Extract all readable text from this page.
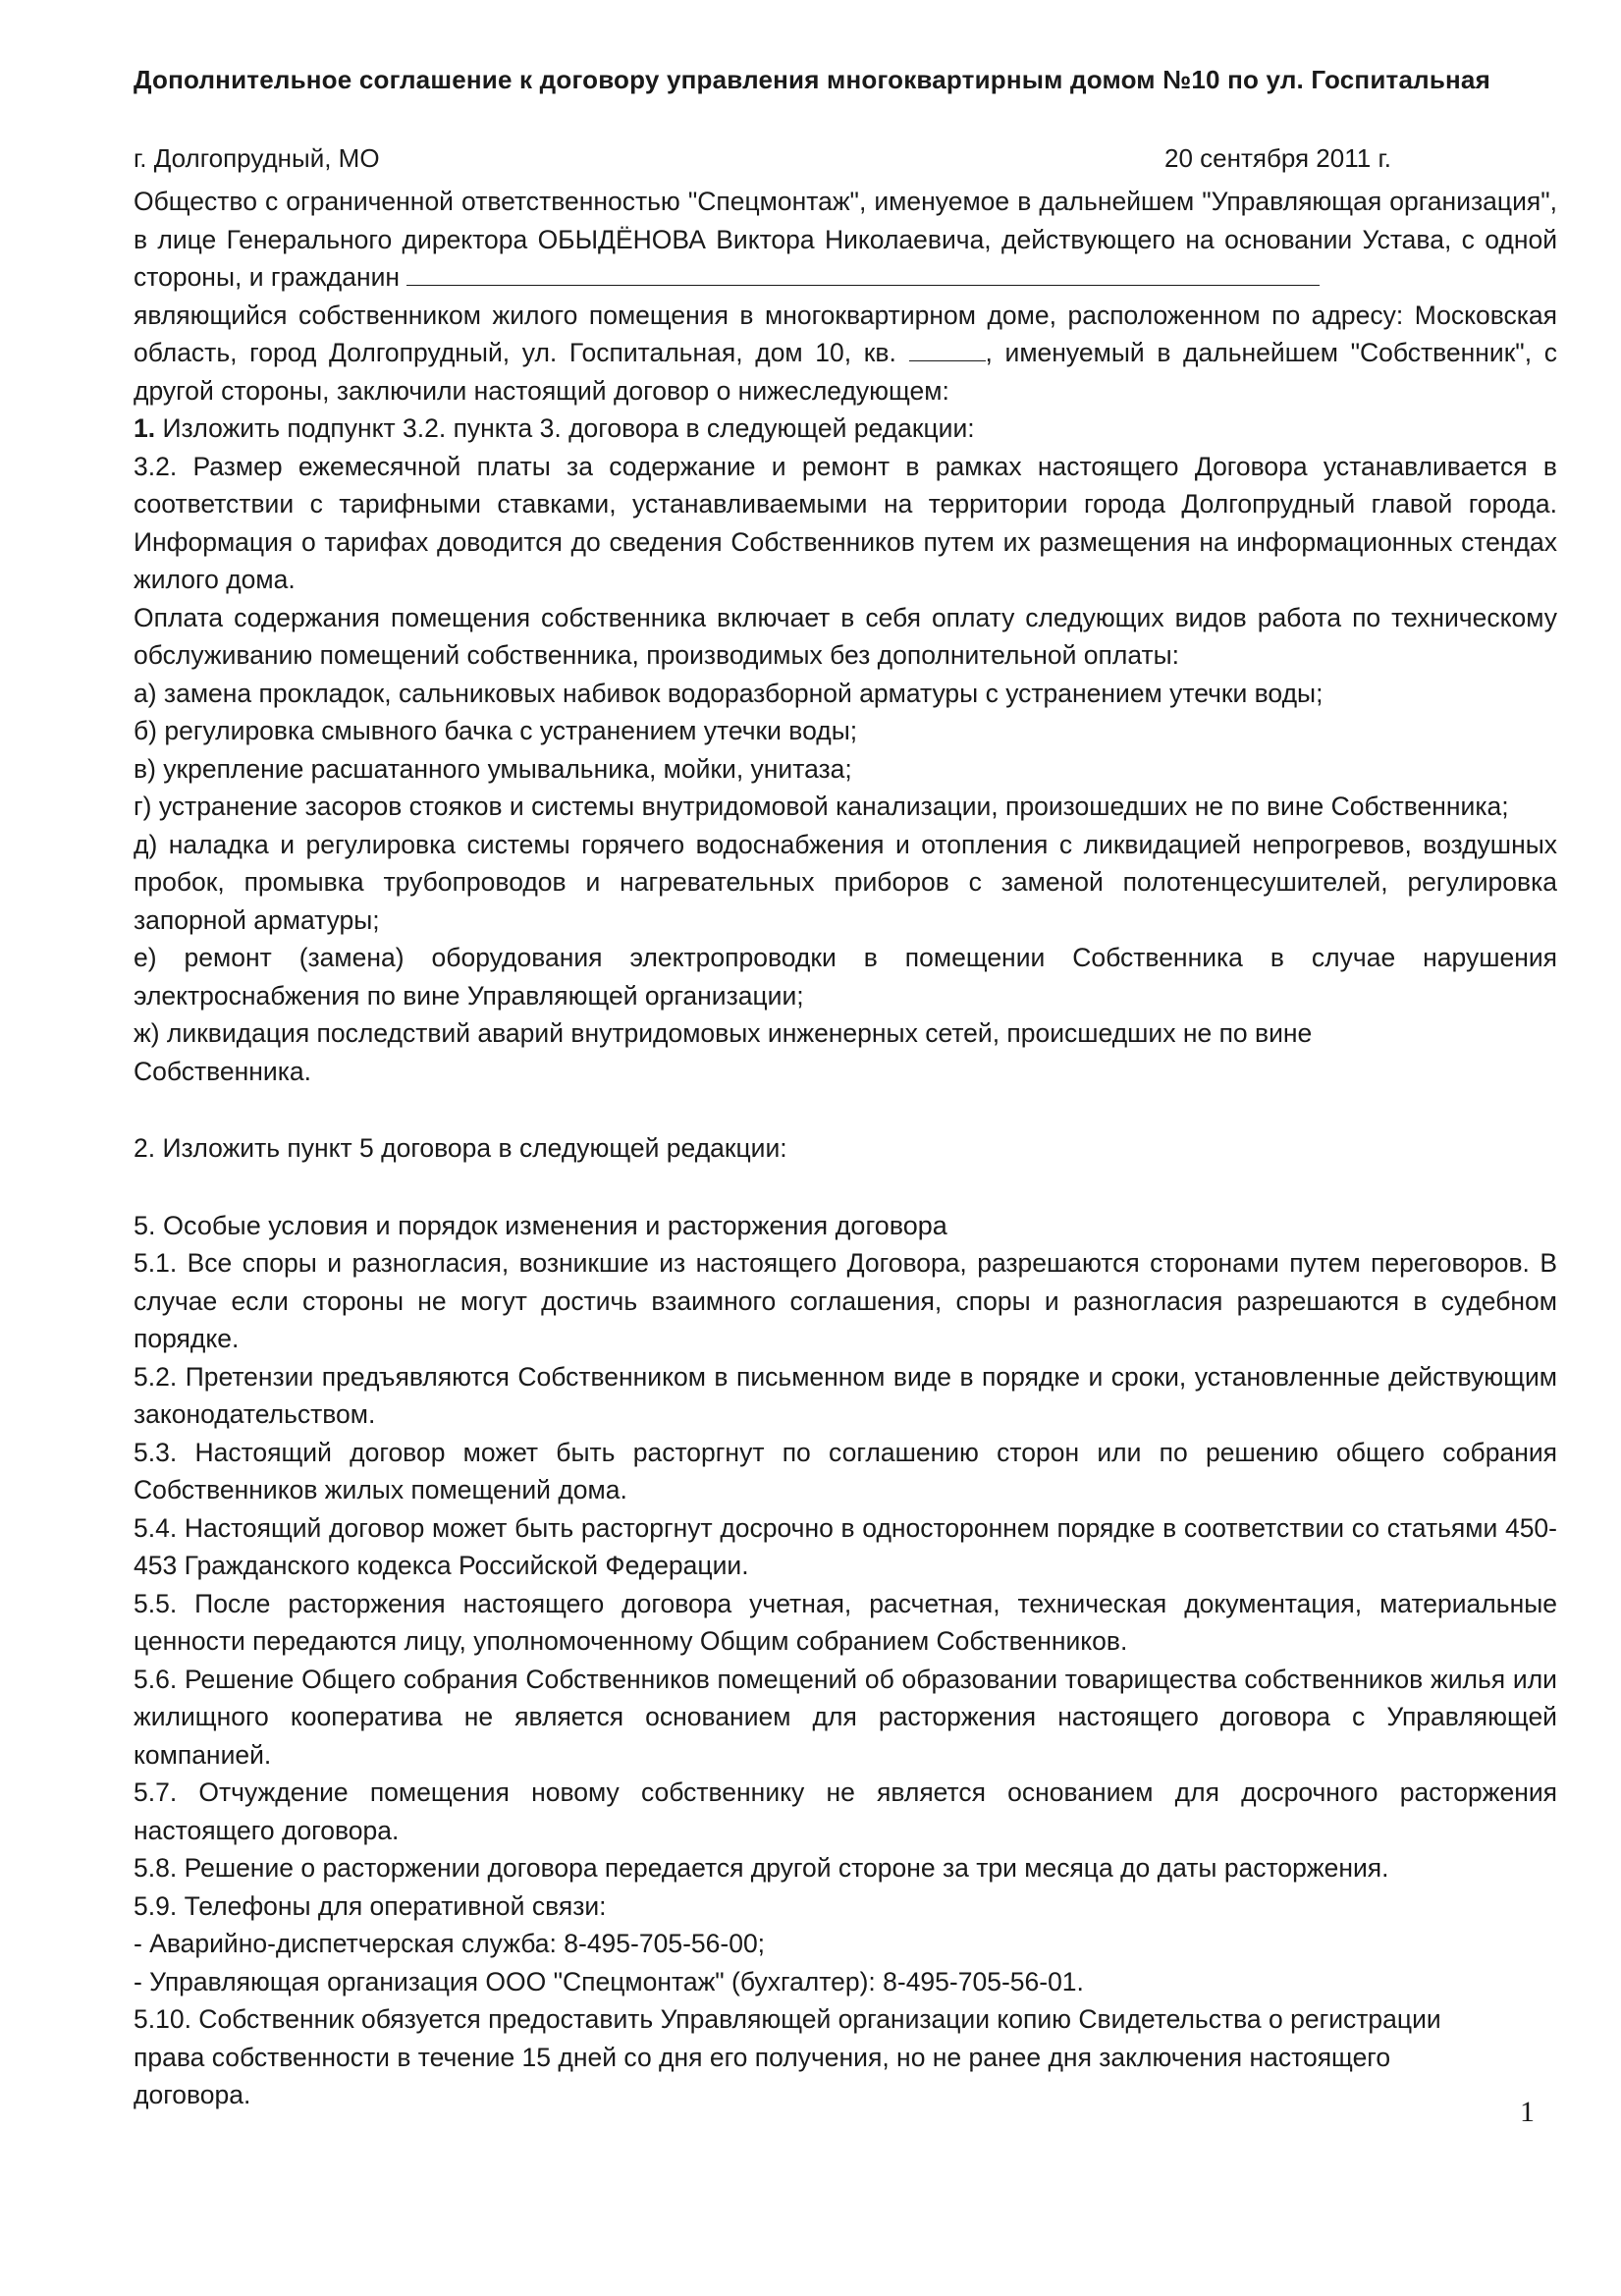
Дополнительное соглашение к договору управления многоквартирным домом №10 по ул. Госпитальная
г. Долгопрудный, МО	20 сентября 2011 г.

Общество с ограниченной ответственностью "Спецмонтаж", именуемое в дальнейшем "Управляющая организация", в лице Генерального директора ОБЫДЁНОВА Виктора Николаевича, действующего на основании Устава, с одной стороны, и гражданин

являющийся собственником жилого помещения в многоквартирном доме, расположенном по адресу: Московская область, город Долгопрудный, ул. Госпитальная, дом 10, кв.	, именуемый в дальнейшем "Собственник", с другой стороны, заключили настоящий договор о нижеследующем:

1. Изложить подпункт 3.2. пункта 3. договора в следующей редакции:

3.2. Размер ежемесячной платы за содержание и ремонт в рамках настоящего Договора устанавливается в соответствии с тарифными ставками, устанавливаемыми на территории города Долгопрудный главой города. Информация о тарифах доводится до сведения Собственников путем их размещения на информационных стендах жилого дома.

Оплата содержания помещения собственника включает в себя оплату следующих видов работа по техническому обслуживанию помещений собственника, производимых без дополнительной оплаты:

а) замена прокладок, сальниковых набивок водоразборной арматуры с устранением утечки воды;

б) регулировка смывного бачка с устранением утечки воды;

в) укрепление расшатанного умывальника, мойки, унитаза;

г) устранение засоров стояков и системы внутридомовой канализации, произошедших не по вине Собственника;

д) наладка и регулировка системы горячего водоснабжения и отопления с ликвидацией непрогревов, воздушных пробок, промывка трубопроводов и нагревательных приборов с заменой полотенцесушителей, регулировка запорной арматуры;

е) ремонт (замена) оборудования электропроводки в помещении Собственника в случае нарушения электроснабжения по вине Управляющей организации;

ж) ликвидация последствий аварий внутридомовых инженерных сетей, происшедших не по вине Собственника.

2. Изложить пункт 5 договора в следующей редакции:

5. Особые условия и порядок изменения и расторжения договора

5.1. Все споры и разногласия, возникшие из настоящего Договора, разрешаются сторонами путем переговоров. В случае если стороны не могут достичь взаимного соглашения, споры и разногласия разрешаются в судебном порядке.

5.2. Претензии предъявляются Собственником в письменном виде в порядке и сроки, установленные действующим законодательством.

5.3. Настоящий договор может быть расторгнут по соглашению сторон или по решению общего собрания Собственников жилых помещений дома.

5.4. Настоящий договор может быть расторгнут досрочно в одностороннем порядке в соответствии со статьями 450-453 Гражданского кодекса Российской Федерации.

5.5. После расторжения настоящего договора учетная, расчетная, техническая документация, материальные ценности передаются лицу, уполномоченному Общим собранием Собственников.

5.6. Решение Общего собрания Собственников помещений об образовании товарищества собственников жилья или жилищного кооператива не является основанием для расторжения настоящего договора с Управляющей компанией.

5.7. Отчуждение помещения новому собственнику не является основанием для досрочного расторжения настоящего договора.

5.8. Решение о расторжении договора передается другой стороне за три месяца до даты расторжения.

5.9. Телефоны для оперативной связи:

- Аварийно-диспетчерская служба: 8-495-705-56-00;

- Управляющая организация ООО "Спецмонтаж" (бухгалтер): 8-495-705-56-01.

5.10. Собственник обязуется предоставить Управляющей организации копию Свидетельства о регистрации права собственности в течение 15 дней со дня его получения, но не ранее дня заключения настоящего договора.

1
